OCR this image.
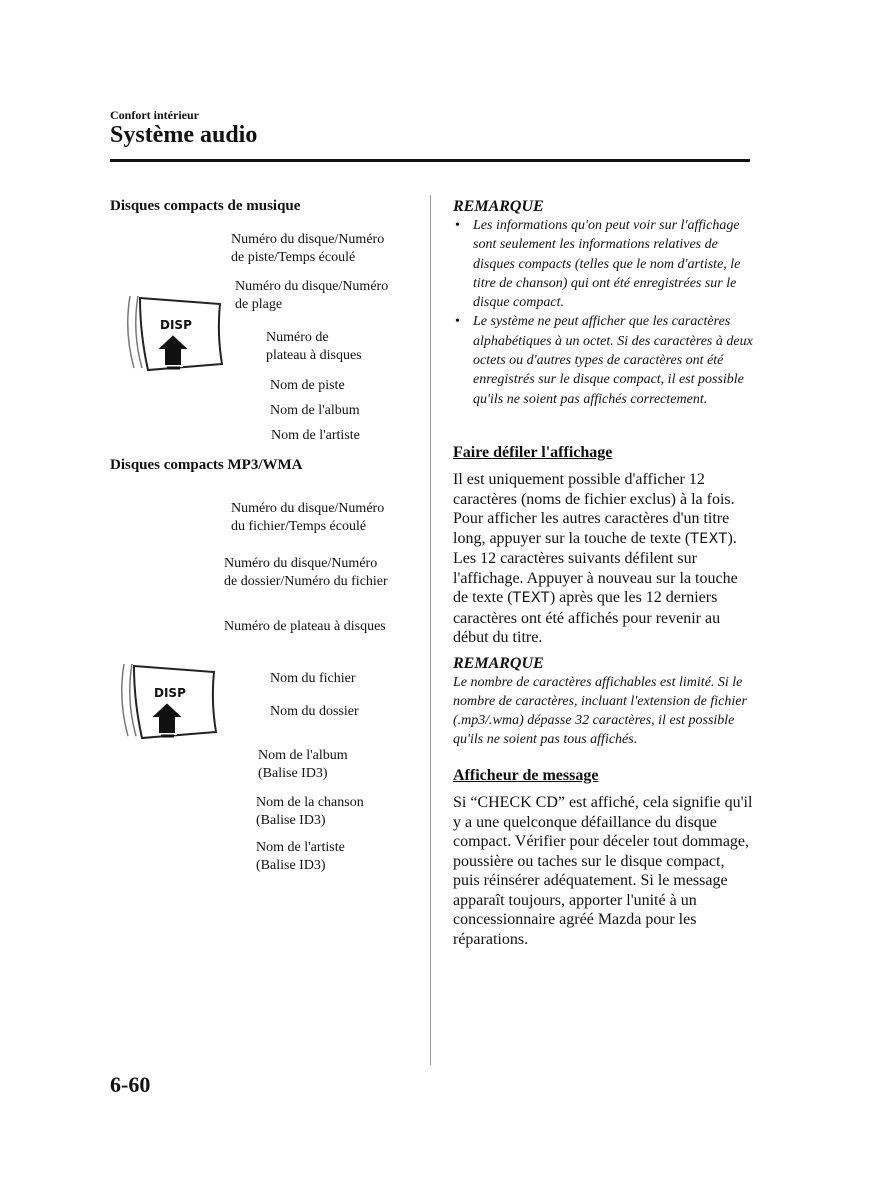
Confort intérieur
Système audio
Disques compacts de musique
Numéro du disque/Numéro
de piste/Temps écoulé
Numéro du disque/Numéro
de plage
Numéro de
plateau à disques
Nom de piste
Nom de l'album
Nom de l'artiste
DISP
Disques compacts MP3/WMA
Numéro du disque/Numéro
du fichier/Temps écoulé
Numéro du disque/Numéro
de dossier/Numéro du fichier
Numéro de plateau à disques
Nom du fichier
Nom du dossier
Nom de l'album
(Balise ID3)
Nom de la chanson
(Balise ID3)
Nom de l'artiste
(Balise ID3)
DISP
REMARQUE
• Les informations qu'on peut voir sur l'affichage sont seulement les informations relatives de disques compacts (telles que le nom d'artiste, le titre de chanson) qui ont été enregistrées sur le disque compact.
• Le système ne peut afficher que les caractères alphabétiques à un octet. Si des caractères à deux octets ou d'autres types de caractères ont été enregistrés sur le disque compact, il est possible qu'ils ne soient pas affichés correctement.
Faire défiler l'affichage
Il est uniquement possible d'afficher 12 caractères (noms de fichier exclus) à la fois. Pour afficher les autres caractères d'un titre long, appuyer sur la touche de texte (TEXT). Les 12 caractères suivants défilent sur l'affichage. Appuyer à nouveau sur la touche de texte (TEXT) après que les 12 derniers caractères ont été affichés pour revenir au début du titre.
REMARQUE
Le nombre de caractères affichables est limité. Si le nombre de caractères, incluant l'extension de fichier (.mp3/.wma) dépasse 32 caractères, il est possible qu'ils ne soient pas tous affichés.
Afficheur de message
Si “CHECK CD” est affiché, cela signifie qu'il y a une quelconque défaillance du disque compact. Vérifier pour déceler tout dommage, poussière ou taches sur le disque compact, puis réinsérer adéquatement. Si le message apparaît toujours, apporter l'unité à un concessionnaire agréé Mazda pour les réparations.
6-60
